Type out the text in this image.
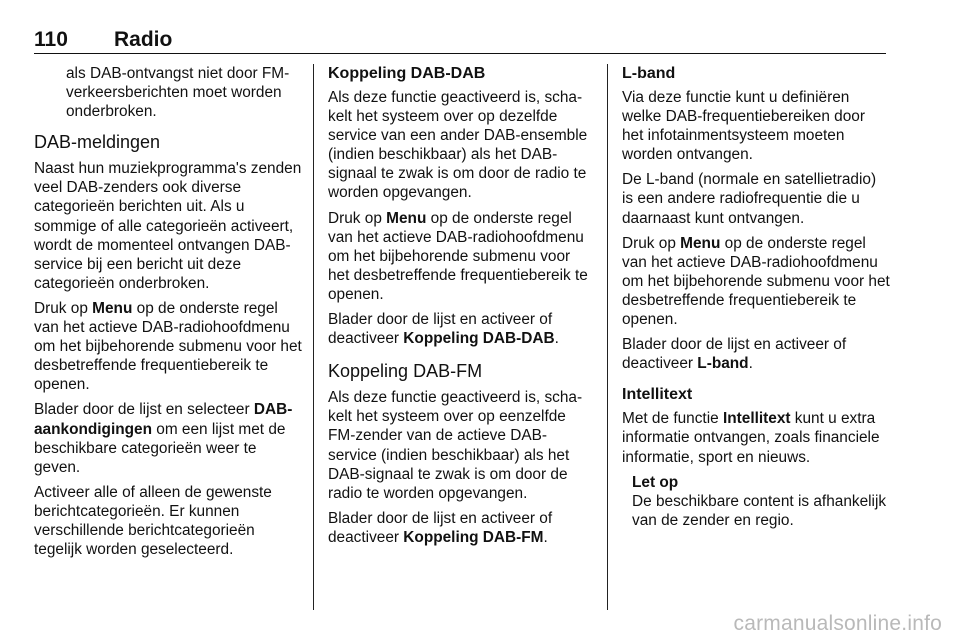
110 Radio

als DAB-ontvangst niet door FM-verkeersberichten moet worden onderbroken.

DAB-meldingen

Naast hun muziekprogramma's zenden veel DAB-zenders ook diverse categorieën berichten uit. Als u sommige of alle categorieën activeert, wordt de momenteel ontvangen DAB-service bij een bericht uit deze categorieën onderbroken.

Druk op Menu op de onderste regel van het actieve DAB-radiohoofdmenu om het bijbehorende submenu voor het desbetreffende frequentiebereik te openen.

Blader door de lijst en selecteer DAB-aankondigingen om een lijst met de beschikbare categorieën weer te geven.

Activeer alle of alleen de gewenste berichtcategorieën. Er kunnen verschillende berichtcategorieën tegelijk worden geselecteerd.

Koppeling DAB-DAB

Als deze functie geactiveerd is, schakelt het systeem over op dezelfde service van een ander DAB-ensemble (indien beschikbaar) als het DAB-signaal te zwak is om door de radio te worden opgevangen.

Druk op Menu op de onderste regel van het actieve DAB-radiohoofdmenu om het bijbehorende submenu voor het desbetreffende frequentiebereik te openen.

Blader door de lijst en activeer of deactiveer Koppeling DAB-DAB.

Koppeling DAB-FM

Als deze functie geactiveerd is, schakelt het systeem over op eenzelfde FM-zender van de actieve DAB-service (indien beschikbaar) als het DAB-signaal te zwak is om door de radio te worden opgevangen.

Blader door de lijst en activeer of deactiveer Koppeling DAB-FM.

L-band

Via deze functie kunt u definiëren welke DAB-frequentiebereiken door het infotainmentsysteem moeten worden ontvangen.

De L-band (normale en satellietradio) is een andere radiofrequentie die u daarnaast kunt ontvangen.

Druk op Menu op de onderste regel van het actieve DAB-radiohoofdmenu om het bijbehorende submenu voor het desbetreffende frequentiebereik te openen.

Blader door de lijst en activeer of deactiveer L-band.

Intellitext

Met de functie Intellitext kunt u extra informatie ontvangen, zoals financiele informatie, sport en nieuws.

Let op
De beschikbare content is afhankelijk van de zender en regio.

carmanualsonline.info
